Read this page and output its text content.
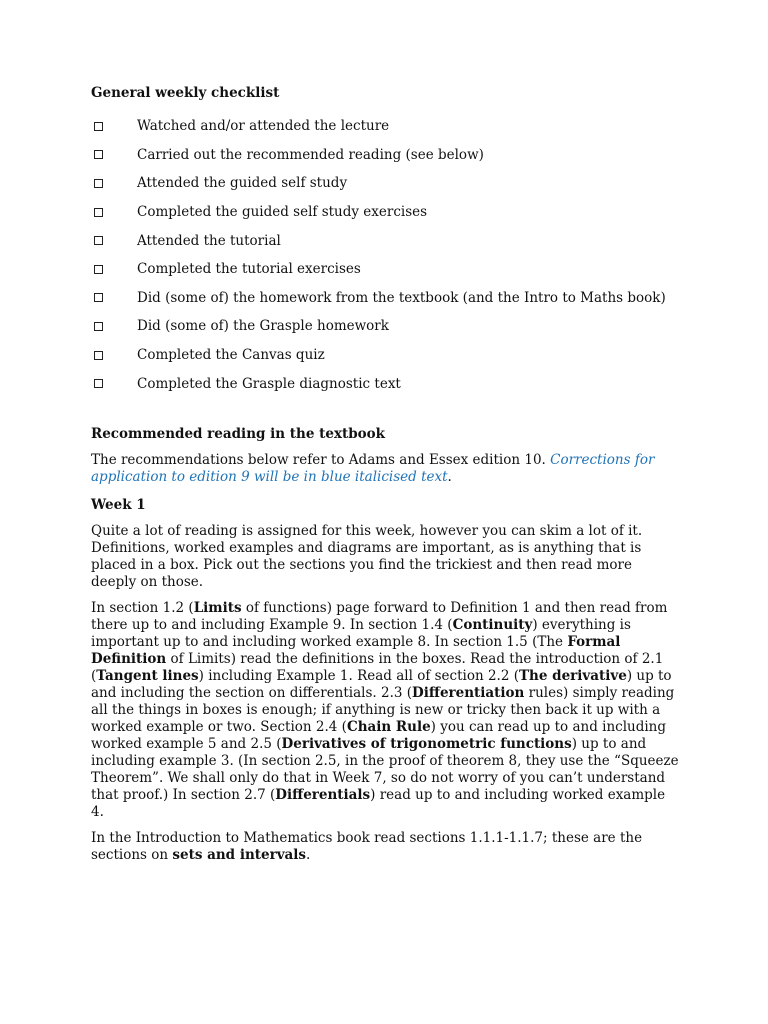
General weekly checklist

Watched and/or attended the lecture
Carried out the recommended reading (see below)
Attended the guided self study
Completed the guided self study exercises
Attended the tutorial
Completed the tutorial exercises
Did (some of) the homework from the textbook (and the Intro to Maths book)
Did (some of) the Grasple homework
Completed the Canvas quiz
Completed the Grasple diagnostic text

Recommended reading in the textbook

The recommendations below refer to Adams and Essex edition 10. Corrections for application to edition 9 will be in blue italicised text.

Week 1

Quite a lot of reading is assigned for this week, however you can skim a lot of it. Definitions, worked examples and diagrams are important, as is anything that is placed in a box. Pick out the sections you find the trickiest and then read more deeply on those.

In section 1.2 (Limits of functions) page forward to Definition 1 and then read from there up to and including Example 9. In section 1.4 (Continuity) everything is important up to and including worked example 8. In section 1.5 (The Formal Definition of Limits) read the definitions in the boxes. Read the introduction of 2.1 (Tangent lines) including Example 1. Read all of section 2.2 (The derivative) up to and including the section on differentials. 2.3 (Differentiation rules) simply reading all the things in boxes is enough; if anything is new or tricky then back it up with a worked example or two. Section 2.4 (Chain Rule) you can read up to and including worked example 5 and 2.5 (Derivatives of trigonometric functions) up to and including example 3. (In section 2.5, in the proof of theorem 8, they use the “Squeeze Theorem”. We shall only do that in Week 7, so do not worry of you can’t understand that proof.) In section 2.7 (Differentials) read up to and including worked example 4.

In the Introduction to Mathematics book read sections 1.1.1-1.1.7; these are the sections on sets and intervals.
